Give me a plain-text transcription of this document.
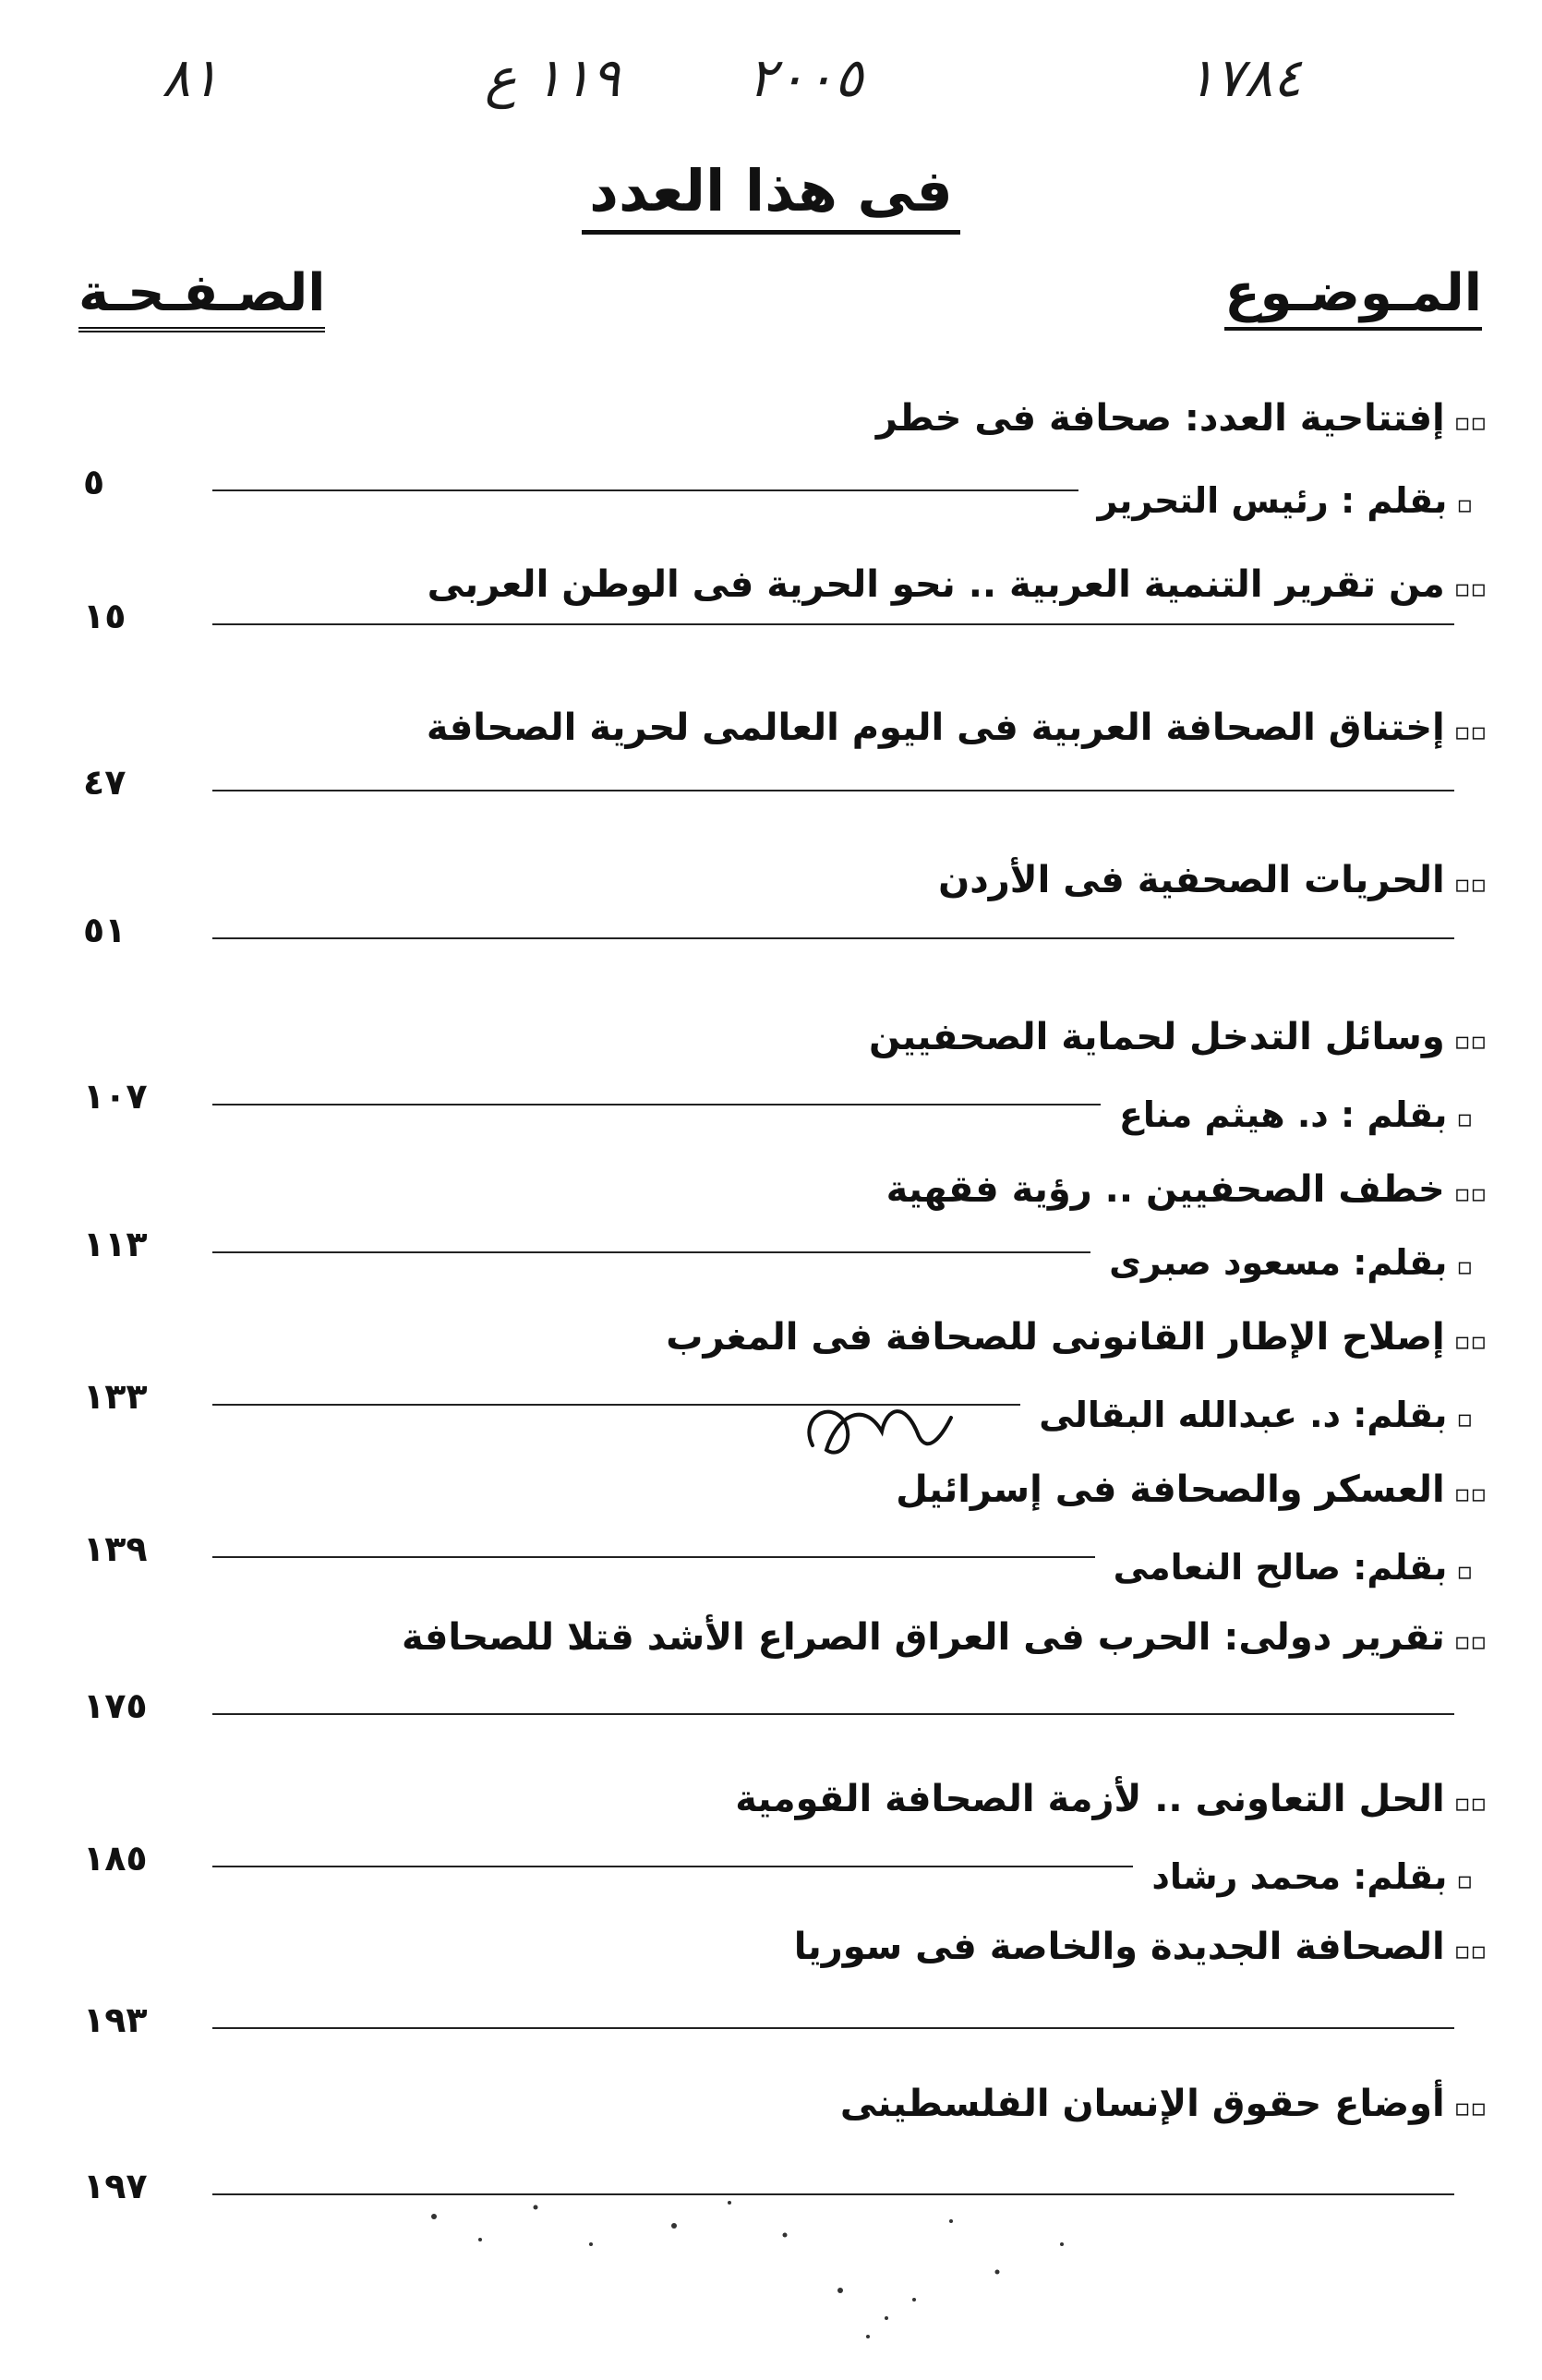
٨١	١١٩ ع ٢٠٠٥	١٧٨٤
فى هذا العدد
المـوضـوع
الصـفـحـة
▫▫إفتتاحية العدد: صحافة فى خطر
▫بقلم : رئيس التحرير
٥
▫▫من تقرير التنمية العربية .. نحو الحرية فى الوطن العربى
١٥
▫▫إختناق الصحافة العربية فى اليوم العالمى لحرية الصحافة
٤٧
▫▫الحريات الصحفية فى الأردن
٥١
▫▫وسائل التدخل لحماية الصحفيين
▫بقلم : د. هيثم مناع
١٠٧
▫▫خطف الصحفيين .. رؤية فقهية
▫بقلم: مسعود صبرى
١١٣
▫▫إصلاح الإطار القانونى للصحافة فى المغرب
▫بقلم: د. عبدالله البقالى
١٣٣
▫▫العسكر والصحافة فى إسرائيل
▫بقلم: صالح النعامى
١٣٩
▫▫تقرير دولى: الحرب فى العراق الصراع الأشد قتلا للصحافة
١٧٥
▫▫الحل التعاونى .. لأزمة الصحافة القومية
▫بقلم: محمد رشاد
١٨٥
▫▫الصحافة الجديدة والخاصة فى سوريا
١٩٣
▫▫أوضاع حقوق الإنسان الفلسطينى
١٩٧
